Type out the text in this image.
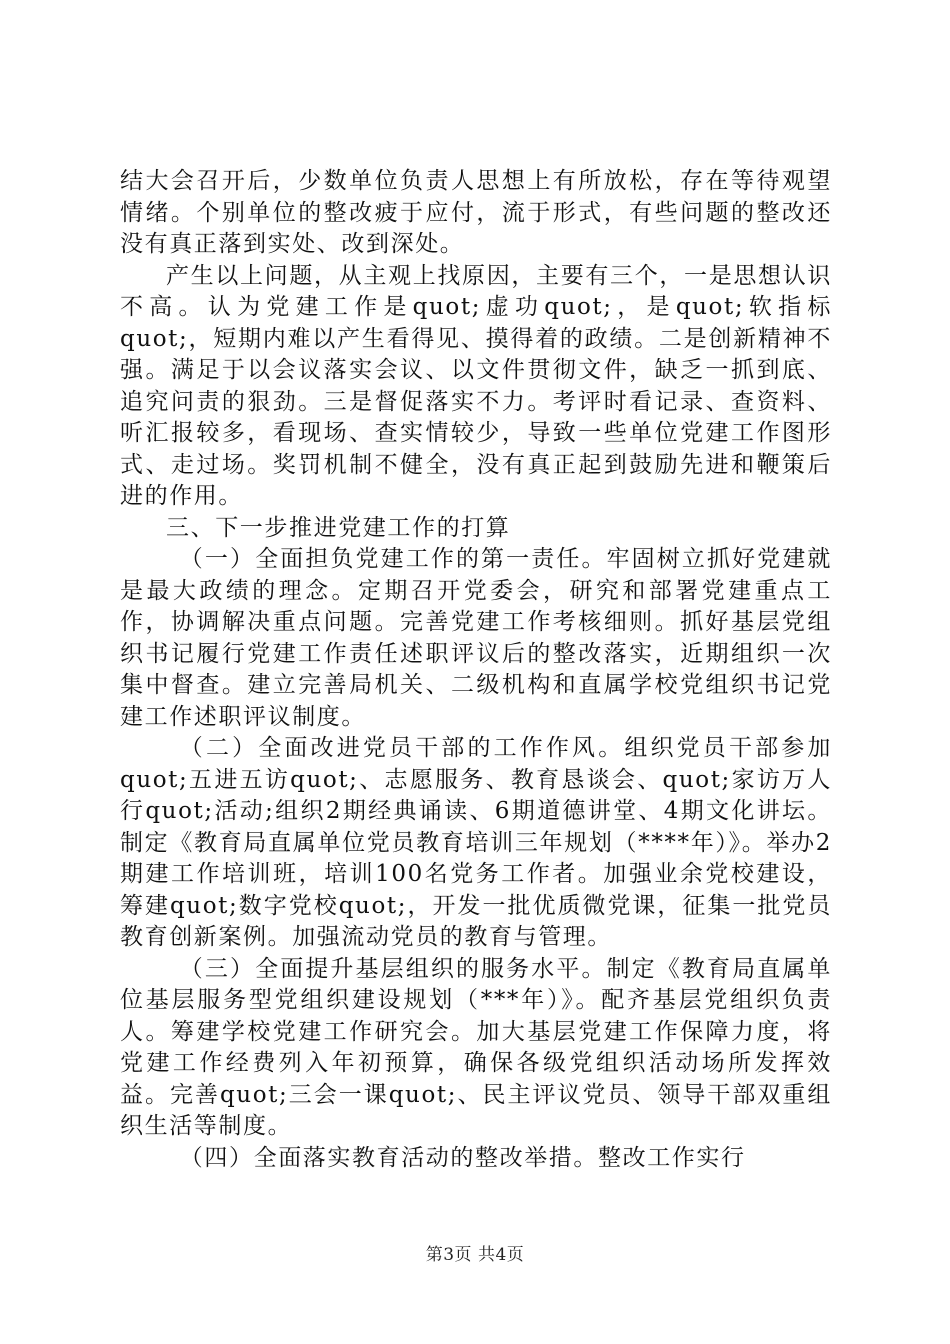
结大会召开后，少数单位负责人思想上有所放松，存在等待观望情绪。个别单位的整改疲于应付，流于形式，有些问题的整改还没有真正落到实处、改到深处。

产生以上问题，从主观上找原因，主要有三个，一是思想认识不高。认为党建工作是quot;虚功quot;，是quot;软指标quot;，短期内难以产生看得见、摸得着的政绩。二是创新精神不强。满足于以会议落实会议、以文件贯彻文件，缺乏一抓到底、追究问责的狠劲。三是督促落实不力。考评时看记录、查资料、听汇报较多，看现场、查实情较少，导致一些单位党建工作图形式、走过场。奖罚机制不健全，没有真正起到鼓励先进和鞭策后进的作用。

三、下一步推进党建工作的打算

（一）全面担负党建工作的第一责任。牢固树立抓好党建就是最大政绩的理念。定期召开党委会，研究和部署党建重点工作，协调解决重点问题。完善党建工作考核细则。抓好基层党组织书记履行党建工作责任述职评议后的整改落实，近期组织一次集中督查。建立完善局机关、二级机构和直属学校党组织书记党建工作述职评议制度。

（二）全面改进党员干部的工作作风。组织党员干部参加quot;五进五访quot;、志愿服务、教育恳谈会、quot;家访万人行quot;活动;组织2期经典诵读、6期道德讲堂、4期文化讲坛。制定《教育局直属单位党员教育培训三年规划（****年）》。举办2期建工作培训班，培训100名党务工作者。加强业余党校建设，筹建quot;数字党校quot;，开发一批优质微党课，征集一批党员教育创新案例。加强流动党员的教育与管理。

（三）全面提升基层组织的服务水平。制定《教育局直属单位基层服务型党组织建设规划（***年）》。配齐基层党组织负责人。筹建学校党建工作研究会。加大基层党建工作保障力度，将党建工作经费列入年初预算，确保各级党组织活动场所发挥效益。完善quot;三会一课quot;、民主评议党员、领导干部双重组织生活等制度。

（四）全面落实教育活动的整改举措。整改工作实行

第3页 共4页
